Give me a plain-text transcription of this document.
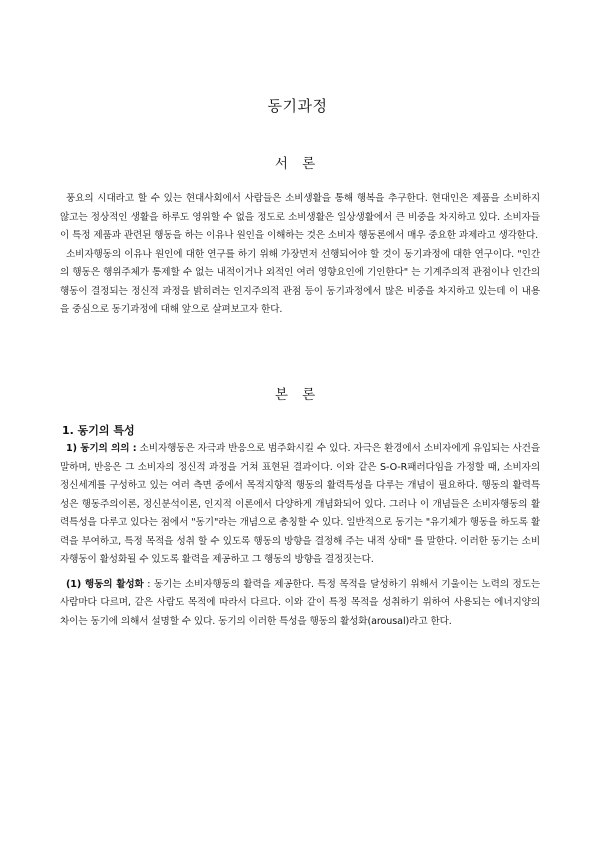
동기과정
서 론

풍요의 시대라고 할 수 있는 현대사회에서 사람들은 소비생활을 통해 행복을 추구한다. 현대인은 제품을 소비하지 않고는 정상적인 생활을 하루도 영위할 수 없을 정도로 소비생활은 일상생활에서 큰 비중을 차지하고 있다. 소비자들이 특정 제품과 관련된 행동을 하는 이유나 원인을 이해하는 것은 소비자 행동론에서 매우 중요한 과제라고 생각한다.

소비자행동의 이유나 원인에 대한 연구를 하기 위해 가장먼저 선행되어야 할 것이 동기과정에 대한 연구이다. "인간의 행동은 행위주체가 통제할 수 없는 내적이거나 외적인 여러 영향요인에 기인한다" 는 기계주의적 관점이나 인간의 행동이 결정되는 정신적 과정을 밝히려는 인지주의적 관점 등이 동기과정에서 많은 비중을 차지하고 있는데 이 내용을 중심으로 동기과정에 대해 앞으로 살펴보고자 한다.

본 론
1. 동기의 특성

1) 동기의 의의 : 소비자행동은 자극과 반응으로 범주화시킬 수 있다. 자극은 환경에서 소비자에게 유입되는 사건을 말하며, 반응은 그 소비자의 정신적 과정을 거쳐 표현된 결과이다. 이와 같은 S-O-R패러다임을 가정할 때, 소비자의 정신세계를 구성하고 있는 여러 측면 중에서 목적지향적 행동의 활력특성을 다루는 개념이 필요하다. 행동의 활력특성은 행동주의이론, 정신분석이론, 인지적 이론에서 다양하게 개념화되어 있다. 그러나 이 개념들은 소비자행동의 활력특성을 다루고 있다는 점에서 "동기"라는 개념으로 총칭할 수 있다. 일반적으로 동기는 "유기체가 행동을 하도록 활력을 부여하고, 특정 목적을 성취 할 수 있도록 행동의 방향을 결정해 주는 내적 상태" 를 말한다. 이러한 동기는 소비자행동이 활성화될 수 있도록 활력을 제공하고 그 행동의 방향을 결정짓는다.

(1) 행동의 활성화 : 동기는 소비자행동의 활력을 제공한다. 특정 목적을 달성하기 위해서 기울이는 노력의 정도는 사람마다 다르며, 같은 사람도 목적에 따라서 다르다. 이와 같이 특정 목적을 성취하기 위하여 사용되는 에너지양의 차이는 동기에 의해서 설명할 수 있다. 동기의 이러한 특성을 행동의 활성화(arousal)라고 한다.
